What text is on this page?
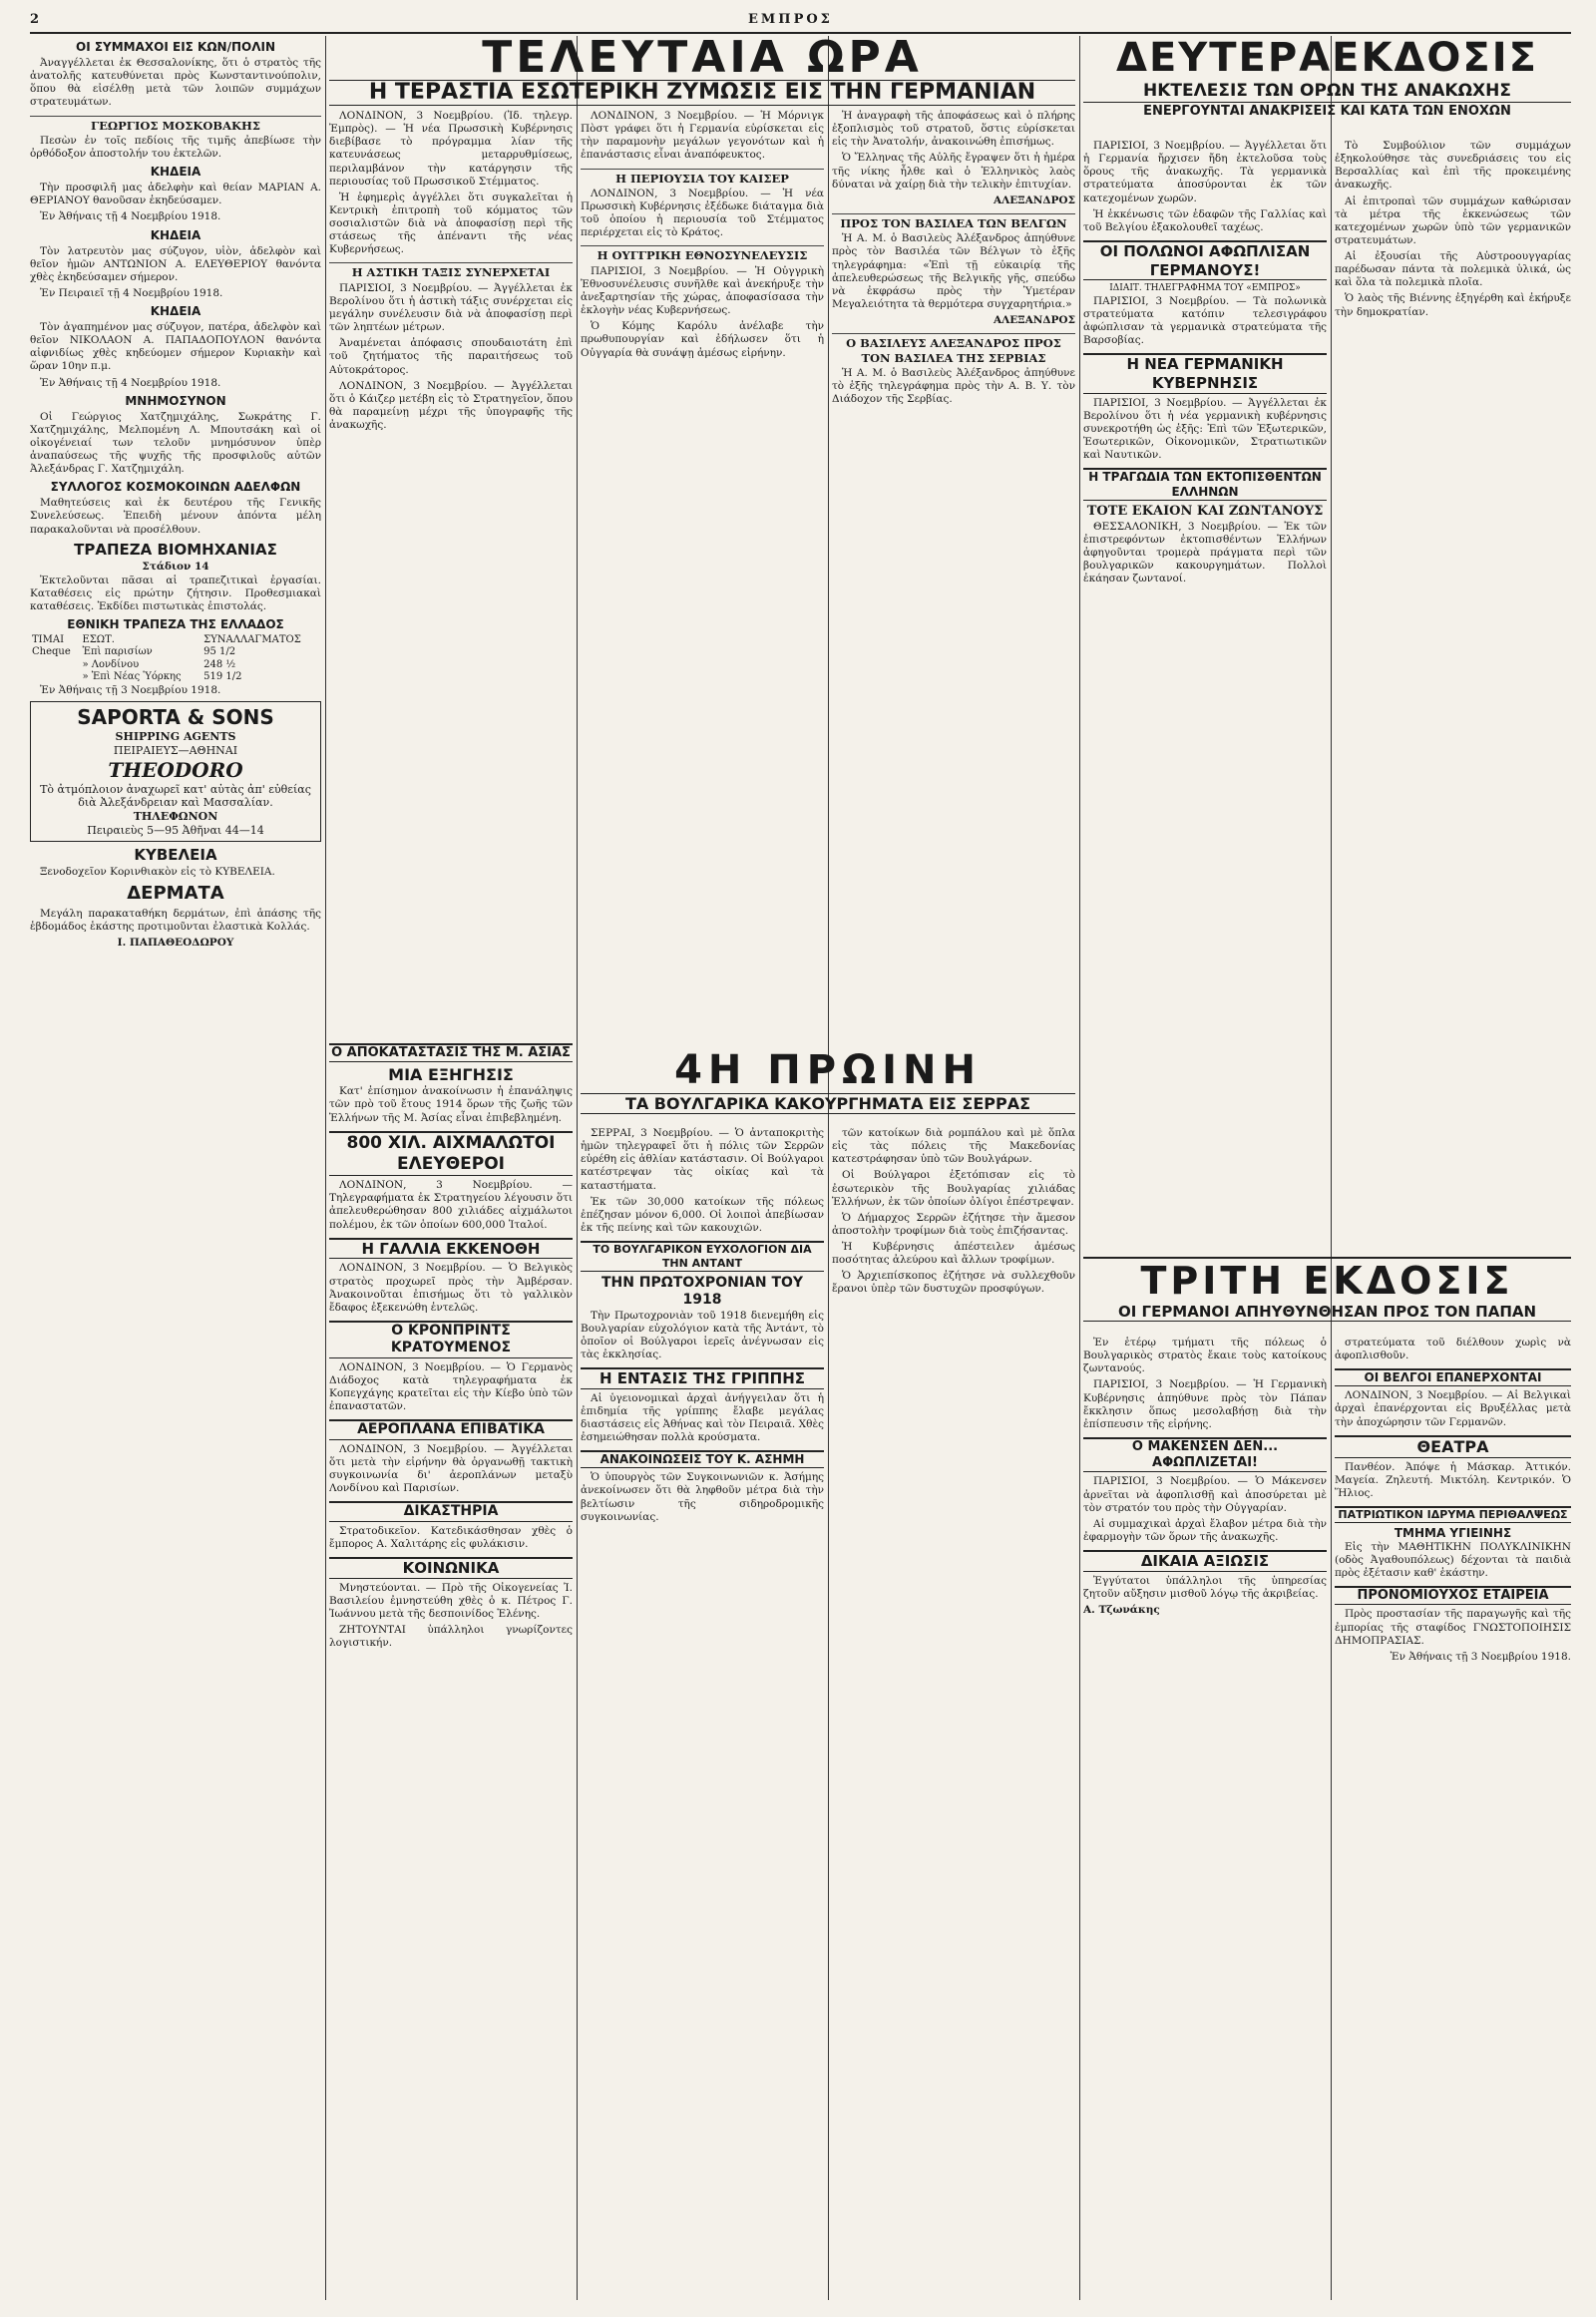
2	ΕΜΠΡΟΣ
ΟΙ ΣΥΜΜΑΧΟΙ ΕΙΣ ΚΩΝ/ΠΟΛΙΝ

Ἀναγγέλλεται ἐκ Θεσσαλονίκης, ὅτι ὁ στρατὸς τῆς ἀνατολῆς κατευθύνεται πρὸς Κωνσταντινούπολιν, ὅπου θὰ εἰσέλθῃ μετὰ τῶν λοιπῶν συμμάχων στρατευμάτων.

ΓΕΩΡΓΙΟΣ ΜΟΣΚΟΒΑΚΗΣ

Πεσὼν ἐν τοῖς πεδίοις τῆς τιμῆς ἀπεβίωσε τὴν ὀρθόδοξον ἀποστολήν του ἐκτελῶν.

ΚΗΔΕΙΑ

Τὴν προσφιλῆ μας ἀδελφὴν καὶ θείαν ΜΑΡΙΑΝ Α. ΘΕΡΙΑΝΟΥ θανοῦσαν ἐκηδεύσαμεν.

Ἐν Ἀθήναις τῇ 4 Νοεμβρίου 1918.

ΚΗΔΕΙΑ

Τὸν λατρευτὸν μας σύζυγον, υἱὸν, ἀδελφὸν καὶ θεῖον ἡμῶν ΑΝΤΩΝΙΟΝ Α. ΕΛΕΥΘΕΡΙΟΥ θανόντα χθὲς ἐκηδεύσαμεν σήμερον.

Ἐν Πειραιεῖ τῇ 4 Νοεμβρίου 1918.

ΚΗΔΕΙΑ

Τὸν ἀγαπημένον μας σύζυγον, πατέρα, ἀδελφὸν καὶ θεῖον ΝΙΚΟΛΑΟΝ Α. ΠΑΠΑΔΟΠΟΥΛΟΝ θανόντα αἰφνιδίως χθὲς κηδεύομεν σήμερον Κυριακὴν καὶ ὥραν 10ην π.μ.

Ἐν Ἀθήναις τῇ 4 Νοεμβρίου 1918.

ΜΝΗΜΟΣΥΝΟΝ

Οἱ Γεώργιος Χατζημιχάλης, Σωκράτης Γ. Χατζημιχάλης, Μελπομένη Λ. Μπουτσάκη καὶ οἱ οἰκογένειαί των τελοῦν μνημόσυνον ὑπὲρ ἀναπαύσεως τῆς ψυχῆς τῆς προσφιλοῦς αὐτῶν Ἀλεξάνδρας Γ. Χατζημιχάλη.

ΣΥΛΛΟΓΟΣ ΚΟΣΜΟΚΟΙΝΩΝ ΑΔΕΛΦΩΝ

Μαθητεύσεις καὶ ἐκ δευτέρου τῆς Γενικῆς Συνελεύσεως. Ἐπειδὴ μένουν ἀπόντα μέλη παρακαλοῦνται νὰ προσέλθουν.

ΤΡΑΠΕΖΑ ΒΙΟΜΗΧΑΝΙΑΣ
Στάδιον 14

Ἐκτελοῦνται πᾶσαι αἱ τραπεζιτικαὶ ἐργασίαι. Καταθέσεις εἰς πρώτην ζήτησιν. Προθεσμιακαὶ καταθέσεις. Ἐκδίδει πιστωτικὰς ἐπιστολάς.

ΕΘΝΙΚΗ ΤΡΑΠΕΖΑ ΤΗΣ ΕΛΛΑΔΟΣ
ΤΙΜΑΙ	ΕΣΩΤ.	ΣΥΝΑΛΛΑΓΜΑΤΟΣ
Cheque	Ἐπὶ παρισίων	95 1/2
	» Λονδίνου	248 ½
	» Ἐπὶ Νέας Ὑόρκης	519 1/2

Ἐν Ἀθήναις τῇ 3 Νοεμβρίου 1918.

SAPORTA & SONS
SHIPPING AGENTS
ΠΕΙΡΑΙΕΥΣ—ΑΘΗΝΑΙ
THEODORO
Τὸ ἀτμόπλοιον ἀναχωρεῖ κατ' αὐτὰς ἀπ' εὐθείας διὰ Ἀλεξάνδρειαν καὶ Μασσαλίαν.
ΤΗΛΕΦΩΝΟΝ
Πειραιεὺς 5—95 Ἀθῆναι 44—14
ΚΥΒΕΛΕΙΑ

Ξενοδοχεῖον Κορινθιακὸν εἰς τὸ ΚΥΒΕΛΕΙΑ.

ΔΕΡΜΑΤΑ

Μεγάλη παρακαταθήκη δερμάτων, ἐπὶ ἁπάσης τῆς ἑβδομάδος ἑκάστης προτιμοῦνται ἐλαστικὰ Κολλάς.

Ι. ΠΑΠΑΘΕΟΔΩΡΟΥ
ΤΕΛΕΥΤΑΙΑ ΩΡΑ
Η ΤΕΡΑΣΤΙΑ ΕΣΩΤΕΡΙΚΗ ΖΥΜΩΣΙΣ ΕΙΣ ΤΗΝ ΓΕΡΜΑΝΙΑΝ
ΔΕΥΤΕΡΑΕΚΔΟΣΙΣ
ΗΚΤΕΛΕΣΙΣ ΤΩΝ ΟΡΩΝ ΤΗΣ ΑΝΑΚΩΧΗΣ
ΕΝΕΡΓΟΥΝΤΑΙ ΑΝΑΚΡΙΣΕΙΣ ΚΑΙ ΚΑΤΑ ΤΩΝ ΕΝΟΧΩΝ

ΛΟΝΔΙΝΟΝ, 3 Νοεμβρίου. (Ἰδ. τηλεγρ. Ἐμπρὸς). — Ἡ νέα Πρωσσικὴ Κυβέρνησις διεβίβασε τὸ πρόγραμμα λίαν τῆς κατευνάσεως μεταρρυθμίσεως, περιλαμβάνον τὴν κατάργησιν τῆς περιουσίας τοῦ Πρωσσικοῦ Στέμματος.

Ἡ ἐφημερὶς ἀγγέλλει ὅτι συγκαλεῖται ἡ Κεντρικὴ ἐπιτροπὴ τοῦ κόμματος τῶν σοσιαλιστῶν διὰ νὰ ἀποφασίσῃ περὶ τῆς στάσεως τῆς ἀπέναντι τῆς νέας Κυβερνήσεως.

Η ΑΣΤΙΚΗ ΤΑΞΙΣ ΣΥΝΕΡΧΕΤΑΙ

ΠΑΡΙΣΙΟΙ, 3 Νοεμβρίου. — Ἀγγέλλεται ἐκ Βερολίνου ὅτι ἡ ἀστικὴ τάξις συνέρχεται εἰς μεγάλην συνέλευσιν διὰ νὰ ἀποφασίσῃ περὶ τῶν ληπτέων μέτρων.

Ἀναμένεται ἀπόφασις σπουδαιοτάτη ἐπὶ τοῦ ζητήματος τῆς παραιτήσεως τοῦ Αὐτοκράτορος.

ΛΟΝΔΙΝΟΝ, 3 Νοεμβρίου. — Ἀγγέλλεται ὅτι ὁ Κάιζερ μετέβη εἰς τὸ Στρατηγεῖον, ὅπου θὰ παραμείνῃ μέχρι τῆς ὑπογραφῆς τῆς ἀνακωχῆς.

ΛΟΝΔΙΝΟΝ, 3 Νοεμβρίου. — Ἡ Μόρνιγκ Πὸστ γράφει ὅτι ἡ Γερμανία εὑρίσκεται εἰς τὴν παραμονὴν μεγάλων γεγονότων καὶ ἡ ἐπανάστασις εἶναι ἀναπόφευκτος.

Η ΠΕΡΙΟΥΣΙΑ ΤΟΥ ΚΑΙΣΕΡ

ΛΟΝΔΙΝΟΝ, 3 Νοεμβρίου. — Ἡ νέα Πρωσσικὴ Κυβέρνησις ἐξέδωκε διάταγμα διὰ τοῦ ὁποίου ἡ περιουσία τοῦ Στέμματος περιέρχεται εἰς τὸ Κράτος.

Η ΟΥΓΓΡΙΚΗ ΕΘΝΟΣΥΝΕΛΕΥΣΙΣ

ΠΑΡΙΣΙΟΙ, 3 Νοεμβρίου. — Ἡ Οὐγγρικὴ Ἐθνοσυνέλευσις συνῆλθε καὶ ἀνεκήρυξε τὴν ἀνεξαρτησίαν τῆς χώρας, ἀποφασίσασα τὴν ἐκλογὴν νέας Κυβερνήσεως.

Ὁ Κόμης Καρόλυ ἀνέλαβε τὴν πρωθυπουργίαν καὶ ἐδήλωσεν ὅτι ἡ Οὐγγαρία θὰ συνάψῃ ἀμέσως εἰρήνην.

Ἡ ἀναγραφὴ τῆς ἀποφάσεως καὶ ὁ πλήρης ἐξοπλισμὸς τοῦ στρατοῦ, ὅστις εὑρίσκεται εἰς τὴν Ἀνατολήν, ἀνακοινώθη ἐπισήμως.

Ὁ Ἔλληνας τῆς Αὐλῆς ἔγραψεν ὅτι ἡ ἡμέρα τῆς νίκης ἦλθε καὶ ὁ Ἑλληνικὸς λαὸς δύναται νὰ χαίρῃ διὰ τὴν τελικὴν ἐπιτυχίαν.

ΑΛΕΞΑΝΔΡΟΣ
ΠΡΟΣ ΤΟΝ ΒΑΣΙΛΕΑ ΤΩΝ ΒΕΛΓΩΝ

Ἡ Α. Μ. ὁ Βασιλεὺς Ἀλέξανδρος ἀπηύθυνε πρὸς τὸν Βασιλέα τῶν Βέλγων τὸ ἑξῆς τηλεγράφημα: «Ἐπὶ τῇ εὐκαιρίᾳ τῆς ἀπελευθερώσεως τῆς Βελγικῆς γῆς, σπεύδω νὰ ἐκφράσω πρὸς τὴν Ὑμετέραν Μεγαλειότητα τὰ θερμότερα συγχαρητήρια.»

ΑΛΕΞΑΝΔΡΟΣ
Ο ΒΑΣΙΛΕΥΣ ΑΛΕΞΑΝΔΡΟΣ ΠΡΟΣ ΤΟΝ ΒΑΣΙΛΕΑ ΤΗΣ ΣΕΡΒΙΑΣ

Ἡ Α. Μ. ὁ Βασιλεὺς Ἀλέξανδρος ἀπηύθυνε τὸ ἑξῆς τηλεγράφημα πρὸς τὴν Α. Β. Υ. τὸν Διάδοχον τῆς Σερβίας.

ΠΑΡΙΣΙΟΙ, 3 Νοεμβρίου. — Ἀγγέλλεται ὅτι ἡ Γερμανία ἤρχισεν ἤδη ἐκτελοῦσα τοὺς ὅρους τῆς ἀνακωχῆς. Τὰ γερμανικὰ στρατεύματα ἀποσύρονται ἐκ τῶν κατεχομένων χωρῶν.

Ἡ ἐκκένωσις τῶν ἐδαφῶν τῆς Γαλλίας καὶ τοῦ Βελγίου ἐξακολουθεῖ ταχέως.

ΟΙ ΠΟΛΩΝΟΙ ΑΦΩΠΛΙΣΑΝ ΓΕΡΜΑΝΟΥΣ!
ΙΔΙΑΙΤ. ΤΗΛΕΓΡΑΦΗΜΑ ΤΟΥ «ΕΜΠΡΟΣ»

ΠΑΡΙΣΙΟΙ, 3 Νοεμβρίου. — Τὰ πολωνικὰ στρατεύματα κατόπιν τελεσιγράφου ἀφώπλισαν τὰ γερμανικὰ στρατεύματα τῆς Βαρσοβίας.

Η ΝΕΑ ΓΕΡΜΑΝΙΚΗ ΚΥΒΕΡΝΗΣΙΣ

ΠΑΡΙΣΙΟΙ, 3 Νοεμβρίου. — Ἀγγέλλεται ἐκ Βερολίνου ὅτι ἡ νέα γερμανικὴ κυβέρνησις συνεκροτήθη ὡς ἑξῆς: Ἐπὶ τῶν Ἐξωτερικῶν, Ἐσωτερικῶν, Οἰκονομικῶν, Στρατιωτικῶν καὶ Ναυτικῶν.

Η ΤΡΑΓΩΔΙΑ ΤΩΝ ΕΚΤΟΠΙΣΘΕΝΤΩΝ ΕΛΛΗΝΩΝ
ΤΟΤΕ ΕΚΑΙΟΝ ΚΑΙ ΖΩΝΤΑΝΟΥΣ

ΘΕΣΣΑΛΟΝΙΚΗ, 3 Νοεμβρίου. — Ἐκ τῶν ἐπιστρεφόντων ἐκτοπισθέντων Ἑλλήνων ἀφηγοῦνται τρομερὰ πράγματα περὶ τῶν βουλγαρικῶν κακουργημάτων. Πολλοὶ ἐκάησαν ζωντανοί.

Τὸ Συμβούλιον τῶν συμμάχων ἐξηκολούθησε τὰς συνεδριάσεις του εἰς Βερσαλλίας καὶ ἐπὶ τῆς προκειμένης ἀνακωχῆς.

Αἱ ἐπιτροπαὶ τῶν συμμάχων καθώρισαν τὰ μέτρα τῆς ἐκκενώσεως τῶν κατεχομένων χωρῶν ὑπὸ τῶν γερμανικῶν στρατευμάτων.

Αἱ ἐξουσίαι τῆς Αὐστροουγγαρίας παρέδωσαν πάντα τὰ πολεμικὰ ὑλικά, ὡς καὶ ὅλα τὰ πολεμικὰ πλοῖα.

Ὁ λαὸς τῆς Βιέννης ἐξηγέρθη καὶ ἐκήρυξε τὴν δημοκρατίαν.

Ο ΑΠΟΚΑΤΑΣΤΑΣΙΣ ΤΗΣ Μ. ΑΣΙΑΣ
ΜΙΑ ΕΞΗΓΗΣΙΣ

Κατ' ἐπίσημον ἀνακοίνωσιν ἡ ἐπανάληψις τῶν πρὸ τοῦ ἔτους 1914 ὅρων τῆς ζωῆς τῶν Ἑλλήνων τῆς Μ. Ἀσίας εἶναι ἐπιβεβλημένη.

800 ΧΙΛ. ΑΙΧΜΑΛΩΤΟΙ ΕΛΕΥΘΕΡΟΙ

ΛΟΝΔΙΝΟΝ, 3 Νοεμβρίου. — Τηλεγραφήματα ἐκ Στρατηγείου λέγουσιν ὅτι ἀπελευθερώθησαν 800 χιλιάδες αἰχμάλωτοι πολέμου, ἐκ τῶν ὁποίων 600,000 Ἰταλοί.

Η ΓΑΛΛΙΑ ΕΚΚΕΝΟΘΗ

ΛΟΝΔΙΝΟΝ, 3 Νοεμβρίου. — Ὁ Βελγικὸς στρατὸς προχωρεῖ πρὸς τὴν Ἀμβέρσαν. Ἀνακοινοῦται ἐπισήμως ὅτι τὸ γαλλικὸν ἔδαφος ἐξεκενώθη ἐντελῶς.

Ο ΚΡΟΝΠΡΙΝΤΣ ΚΡΑΤΟΥΜΕΝΟΣ

ΛΟΝΔΙΝΟΝ, 3 Νοεμβρίου. — Ὁ Γερμανὸς Διάδοχος κατὰ τηλεγραφήματα ἐκ Κοπεγχάγης κρατεῖται εἰς τὴν Κίεβο ὑπὸ τῶν ἐπαναστατῶν.

ΑΕΡΟΠΛΑΝΑ ΕΠΙΒΑΤΙΚΑ

ΛΟΝΔΙΝΟΝ, 3 Νοεμβρίου. — Ἀγγέλλεται ὅτι μετὰ τὴν εἰρήνην θὰ ὀργανωθῇ τακτικὴ συγκοινωνία δι' ἀεροπλάνων μεταξὺ Λονδίνου καὶ Παρισίων.

ΔΙΚΑΣΤΗΡΙΑ

Στρατοδικεῖον. Κατεδικάσθησαν χθὲς ὁ ἔμπορος Α. Χαλιτάρης εἰς φυλάκισιν.

ΚΟΙΝΩΝΙΚΑ

Μνηστεύονται. — Πρὸ τῆς Οἰκογενείας Ἰ. Βασιλείου ἐμνηστεύθη χθὲς ὁ κ. Πέτρος Γ. Ἰωάννου μετὰ τῆς δεσποινίδος Ἑλένης.

ΖΗΤΟΥΝΤΑΙ ὑπάλληλοι γνωρίζοντες λογιστικήν.

4Η ΠΡΩΙΝΗ
ΤΑ ΒΟΥΛΓΑΡΙΚΑ ΚΑΚΟΥΡΓΗΜΑΤΑ ΕΙΣ ΣΕΡΡΑΣ

ΣΕΡΡΑΙ, 3 Νοεμβρίου. — Ὁ ἀνταποκριτὴς ἡμῶν τηλεγραφεῖ ὅτι ἡ πόλις τῶν Σερρῶν εὑρέθη εἰς ἀθλίαν κατάστασιν. Οἱ Βούλγαροι κατέστρεψαν τὰς οἰκίας καὶ τὰ καταστήματα.

Ἐκ τῶν 30,000 κατοίκων τῆς πόλεως ἐπέζησαν μόνον 6,000. Οἱ λοιποὶ ἀπεβίωσαν ἐκ τῆς πείνης καὶ τῶν κακουχιῶν.

ΤΟ ΒΟΥΛΓΑΡΙΚΟΝ ΕΥΧΟΛΟΓΙΟΝ ΔΙΑ ΤΗΝ ΑΝΤΑΝΤ
ΤΗΝ ΠΡΩΤΟΧΡΟΝΙΑΝ ΤΟΥ 1918

Τὴν Πρωτοχρονιὰν τοῦ 1918 διενεμήθη εἰς Βουλγαρίαν εὐχολόγιον κατὰ τῆς Ἀντάντ, τὸ ὁποῖον οἱ Βούλγαροι ἱερεῖς ἀνέγνωσαν εἰς τὰς ἐκκλησίας.

Η ΕΝΤΑΣΙΣ ΤΗΣ ΓΡΙΠΠΗΣ

Αἱ ὑγειονομικαὶ ἀρχαὶ ἀνήγγειλαν ὅτι ἡ ἐπιδημία τῆς γρίππης ἔλαβε μεγάλας διαστάσεις εἰς Ἀθήνας καὶ τὸν Πειραιᾶ. Χθὲς ἐσημειώθησαν πολλὰ κρούσματα.

ΑΝΑΚΟΙΝΩΣΕΙΣ ΤΟΥ Κ. ΑΣΗΜΗ

Ὁ ὑπουργὸς τῶν Συγκοινωνιῶν κ. Ἀσήμης ἀνεκοίνωσεν ὅτι θὰ ληφθοῦν μέτρα διὰ τὴν βελτίωσιν τῆς σιδηροδρομικῆς συγκοινωνίας.

τῶν κατοίκων διὰ ρομπάλου καὶ μὲ ὅπλα εἰς τὰς πόλεις τῆς Μακεδονίας κατεστράφησαν ὑπὸ τῶν Βουλγάρων.

Οἱ Βούλγαροι ἐξετόπισαν εἰς τὸ ἐσωτερικὸν τῆς Βουλγαρίας χιλιάδας Ἑλλήνων, ἐκ τῶν ὁποίων ὀλίγοι ἐπέστρεψαν.

Ὁ Δήμαρχος Σερρῶν ἐζήτησε τὴν ἄμεσον ἀποστολὴν τροφίμων διὰ τοὺς ἐπιζήσαντας.

Ἡ Κυβέρνησις ἀπέστειλεν ἀμέσως ποσότητας ἀλεύρου καὶ ἄλλων τροφίμων.

Ὁ Ἀρχιεπίσκοπος ἐζήτησε νὰ συλλεχθοῦν ἔρανοι ὑπὲρ τῶν δυστυχῶν προσφύγων.	ΤΡΙΤΗ ΕΚΔΟΣΙΣ
ΟΙ ΓΕΡΜΑΝΟΙ ΑΠΗΥΘΥΝΘΗΣΑΝ ΠΡΟΣ ΤΟΝ ΠΑΠΑΝ

Ἐν ἑτέρῳ τμήματι τῆς πόλεως ὁ Βουλγαρικὸς στρατὸς ἔκαιε τοὺς κατοίκους ζωντανούς.

ΠΑΡΙΣΙΟΙ, 3 Νοεμβρίου. — Ἡ Γερμανικὴ Κυβέρνησις ἀπηύθυνε πρὸς τὸν Πάπαν ἔκκλησιν ὅπως μεσολαβήσῃ διὰ τὴν ἐπίσπευσιν τῆς εἰρήνης.

Ο ΜΑΚΕΝΣΕΝ ΔΕΝ... ΑΦΩΠΛΙΖΕΤΑΙ!

ΠΑΡΙΣΙΟΙ, 3 Νοεμβρίου. — Ὁ Μάκενσεν ἀρνεῖται νὰ ἀφοπλισθῇ καὶ ἀποσύρεται μὲ τὸν στρατόν του πρὸς τὴν Οὐγγαρίαν.

Αἱ συμμαχικαὶ ἀρχαὶ ἔλαβον μέτρα διὰ τὴν ἐφαρμογὴν τῶν ὅρων τῆς ἀνακωχῆς.

ΔΙΚΑΙΑ ΑΞΙΩΣΙΣ

Ἐγγύτατοι ὑπάλληλοι τῆς ὑπηρεσίας ζητοῦν αὔξησιν μισθοῦ λόγῳ τῆς ἀκριβείας.

Α. Τζωνάκης

στρατεύματα τοῦ διέλθουν χωρὶς νὰ ἀφοπλισθοῦν.

ΟΙ ΒΕΛΓΟΙ ΕΠΑΝΕΡΧΟΝΤΑΙ

ΛΟΝΔΙΝΟΝ, 3 Νοεμβρίου. — Αἱ Βελγικαὶ ἀρχαὶ ἐπανέρχονται εἰς Βρυξέλλας μετὰ τὴν ἀποχώρησιν τῶν Γερμανῶν.

ΘΕΑΤΡΑ

Πανθέον. Ἀπόψε ἡ Μάσκαρ. Ἀττικόν. Μαγεία. Ζηλευτή. Μικτόλη. Κεντρικόν. Ὁ Ἥλιος.

ΠΑΤΡΙΩΤΙΚΟΝ ΙΔΡΥΜΑ ΠΕΡΙΘΑΛΨΕΩΣ
ΤΜΗΜΑ ΥΓΙΕΙΝΗΣ

Εἰς τὴν ΜΑΘΗΤΙΚΗΝ ΠΟΛΥΚΛΙΝΙΚΗΝ (οδὸς Ἀγαθουπόλεως) δέχονται τὰ παιδιὰ πρὸς ἐξέτασιν καθ' ἑκάστην.

ΠΡΟΝΟΜΙΟΥΧΟΣ ΕΤΑΙΡΕΙΑ

Πρὸς προστασίαν τῆς παραγωγῆς καὶ τῆς ἐμπορίας τῆς σταφίδος ΓΝΩΣΤΟΠΟΙΗΣΙΣ ΔΗΜΟΠΡΑΣΙΑΣ.

Ἐν Ἀθήναις τῇ 3 Νοεμβρίου 1918.
